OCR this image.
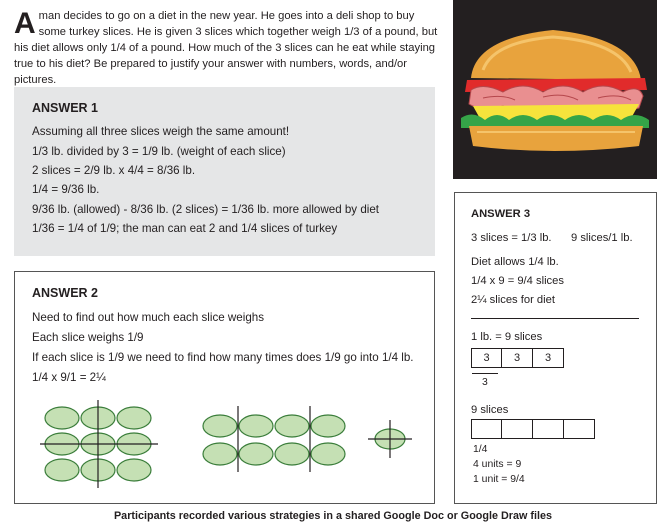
Aman decides to go on a diet in the new year. He goes into a deli shop to buy some turkey slices. He is given 3 slices which together weigh 1/3 of a pound, but his diet allows only 1/4 of a pound. How much of the 3 slices can he eat while staying true to his diet? Be prepared to justify your answer with numbers, words, and/or pictures.
ANSWER 1
Assuming all three slices weigh the same amount!
1/3 lb. divided by 3 = 1/9 lb. (weight of each slice)
2 slices = 2/9 lb. x 4/4 = 8/36 lb.
1/4 = 9/36 lb.
9/36 lb. (allowed) - 8/36 lb. (2 slices) = 1/36 lb. more allowed by diet
1/36 = 1/4 of 1/9; the man can eat 2 and 1/4 slices of turkey
ANSWER 2
Need to find out how much each slice weighs
Each slice weighs 1/9
If each slice is 1/9 we need to find how many times does 1/9 go into 1/4 lb.
1/4 x 9/1 = 2¼
ANSWER 3
3 slices = 1/3 lb. 9 slices/1 lb.
Diet allows 1/4 lb.
1/4 x 9 = 9/4 slices
2¼ slices for diet
1 lb. = 9 slices
3	3	3
3
9 slices
1/4
4 units = 9
1 unit = 9/4
Participants recorded various strategies in a shared Google Doc or Google Draw files
